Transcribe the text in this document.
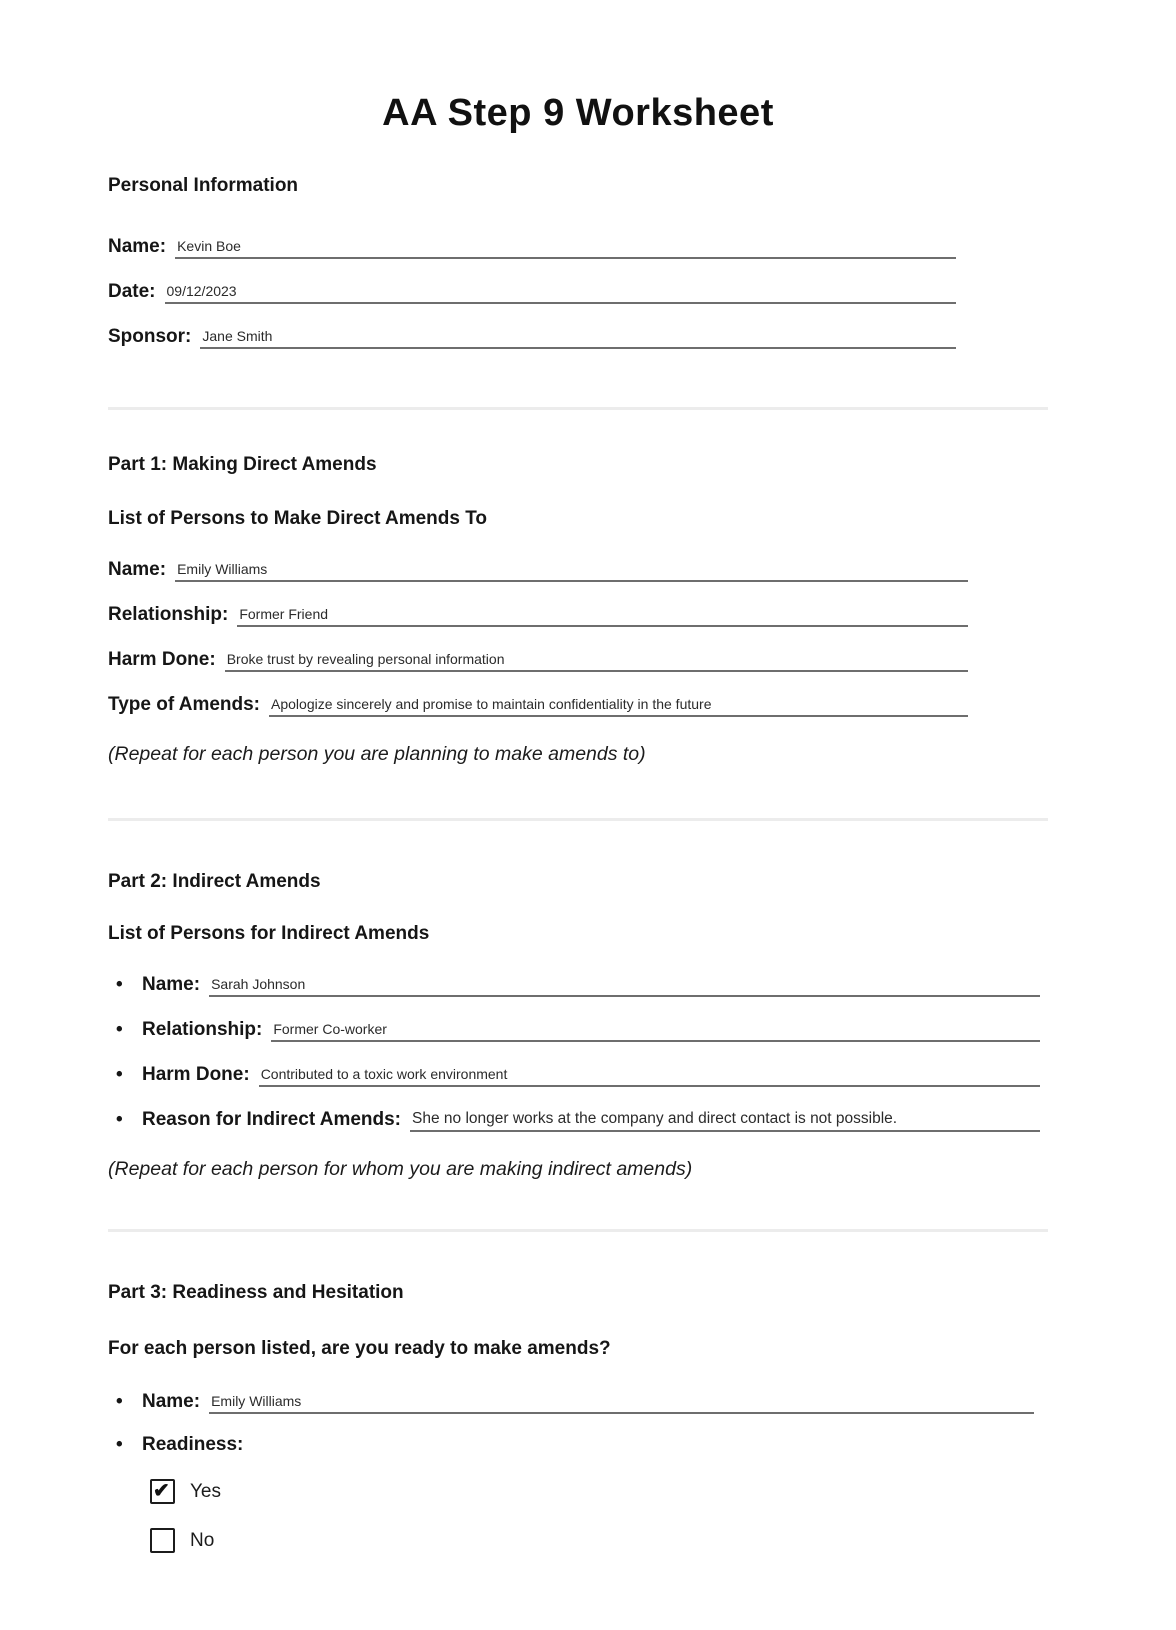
AA Step 9 Worksheet
Personal Information
Name: Kevin Boe
Date: 09/12/2023
Sponsor: Jane Smith
Part 1: Making Direct Amends
List of Persons to Make Direct Amends To
Name: Emily Williams
Relationship: Former Friend
Harm Done: Broke trust by revealing personal information
Type of Amends: Apologize sincerely and promise to maintain confidentiality in the future
(Repeat for each person you are planning to make amends to)
Part 2: Indirect Amends
List of Persons for Indirect Amends
•	Name: Sarah Johnson
•	Relationship: Former Co-worker
•	Harm Done: Contributed to a toxic work environment
•	Reason for Indirect Amends: She no longer works at the company and direct contact is not possible.
(Repeat for each person for whom you are making indirect amends)
Part 3: Readiness and Hesitation
For each person listed, are you ready to make amends?
•	Name: Emily Williams
•	Readiness:
✔
Yes
No
